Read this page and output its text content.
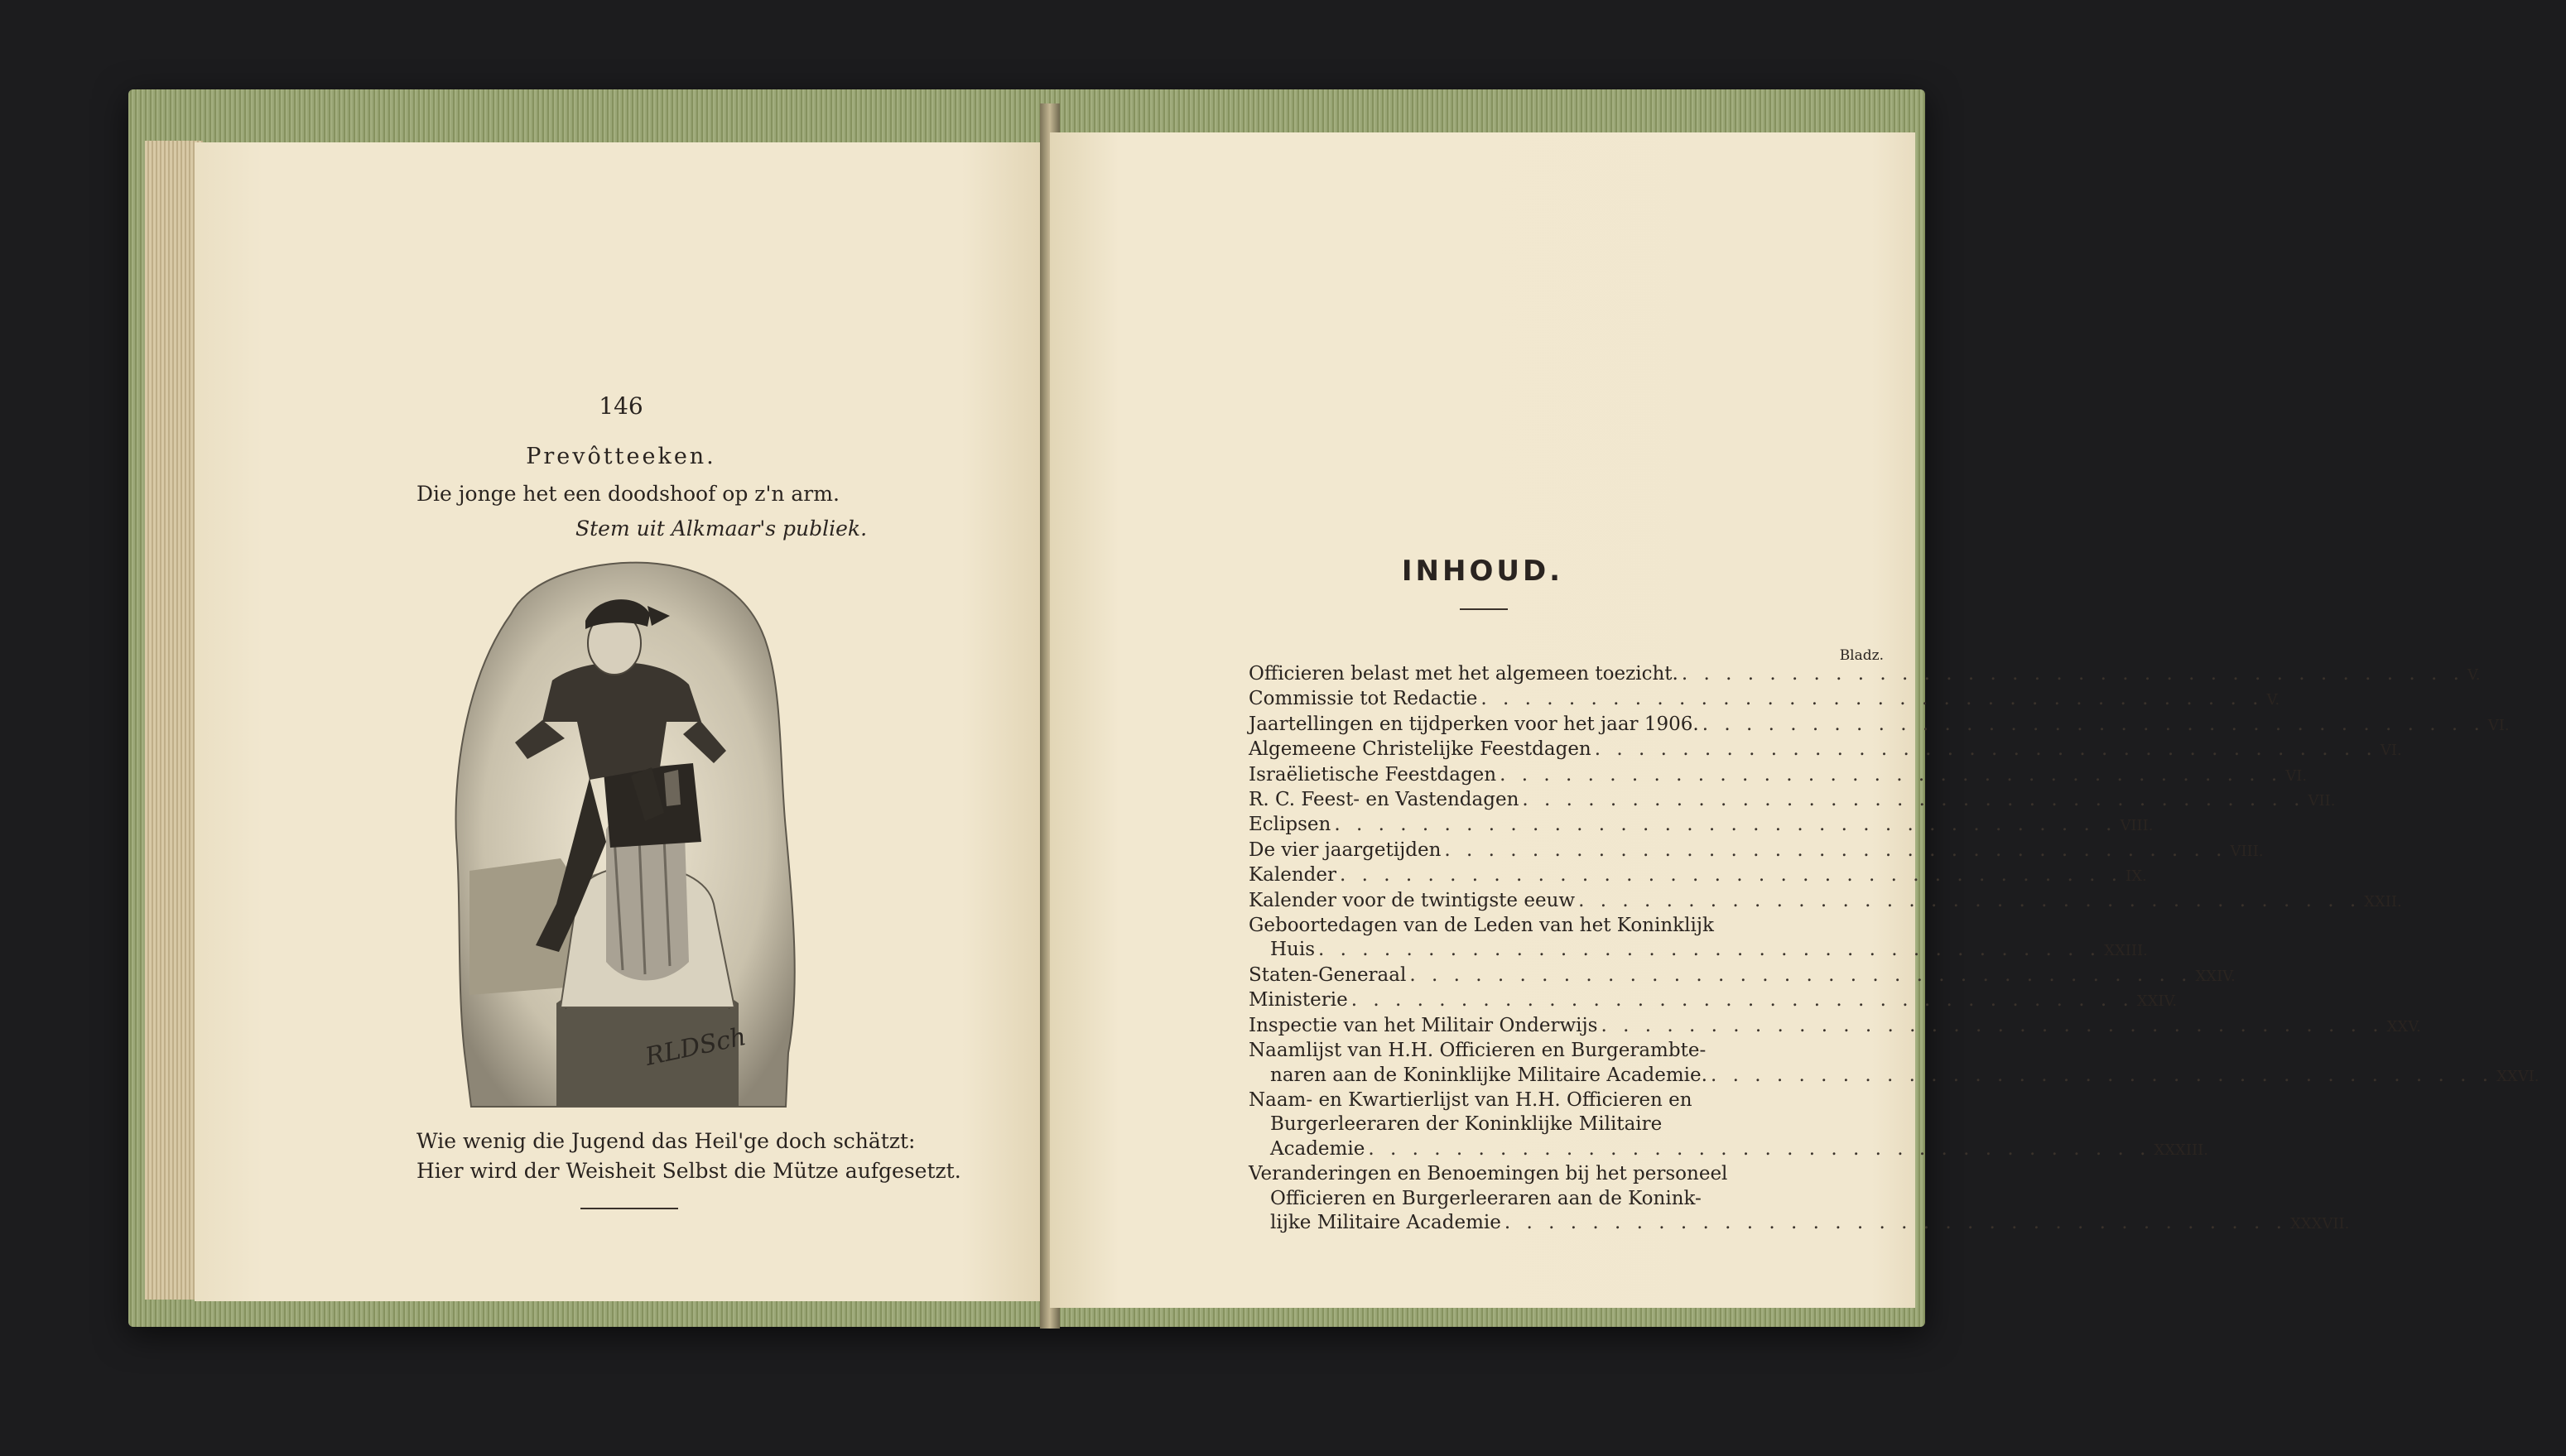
146
Prevôtteeken.
Die jonge het een doodshoof op z'n arm.
Stem uit Alkmaar's publiek.
RLDSch
Wie wenig die Jugend das Heil'ge doch schätzt:
Hier wird der Weisheit Selbst die Mütze aufgesetzt.
INHOUD.
Bladz.
Officieren belast met het algemeen toezicht. . . . . . . . . . . . . . . . . . . . . . . . . . . . . . . . . . . . . V.
Commissie tot Redactie . . . . . . . . . . . . . . . . . . . . . . . . . . . . . . . . . . . . V.
Jaartellingen en tijdperken voor het jaar 1906. . . . . . . . . . . . . . . . . . . . . . . . . . . . . . . . . . . . . VI.
Algemeene Christelijke Feestdagen . . . . . . . . . . . . . . . . . . . . . . . . . . . . . . . . . . . . VI.
Israëlietische Feestdagen . . . . . . . . . . . . . . . . . . . . . . . . . . . . . . . . . . . . VI.
R. C. Feest- en Vastendagen . . . . . . . . . . . . . . . . . . . . . . . . . . . . . . . . . . . . VII.
Eclipsen . . . . . . . . . . . . . . . . . . . . . . . . . . . . . . . . . . . . VIII.
De vier jaargetijden . . . . . . . . . . . . . . . . . . . . . . . . . . . . . . . . . . . . VIII.
Kalender . . . . . . . . . . . . . . . . . . . . . . . . . . . . . . . . . . . . IX.
Kalender voor de twintigste eeuw . . . . . . . . . . . . . . . . . . . . . . . . . . . . . . . . . . . . XXII.
Geboortedagen van de Leden van het Koninklijk
Huis . . . . . . . . . . . . . . . . . . . . . . . . . . . . . . . . . . . . XXIII.
Staten-Generaal . . . . . . . . . . . . . . . . . . . . . . . . . . . . . . . . . . . . XXIV.
Ministerie . . . . . . . . . . . . . . . . . . . . . . . . . . . . . . . . . . . . XXIV.
Inspectie van het Militair Onderwijs . . . . . . . . . . . . . . . . . . . . . . . . . . . . . . . . . . . . XXV.
Naamlijst van H.H. Officieren en Burgerambte-
naren aan de Koninklijke Militaire Academie. . . . . . . . . . . . . . . . . . . . . . . . . . . . . . . . . . . . . XXVI.
Naam- en Kwartierlijst van H.H. Officieren en
Burgerleeraren der Koninklijke Militaire
Academie . . . . . . . . . . . . . . . . . . . . . . . . . . . . . . . . . . . . XXXIII.
Veranderingen en Benoemingen bij het personeel
Officieren en Burgerleeraren aan de Konink-
lijke Militaire Academie . . . . . . . . . . . . . . . . . . . . . . . . . . . . . . . . . . . . XXXVII.
